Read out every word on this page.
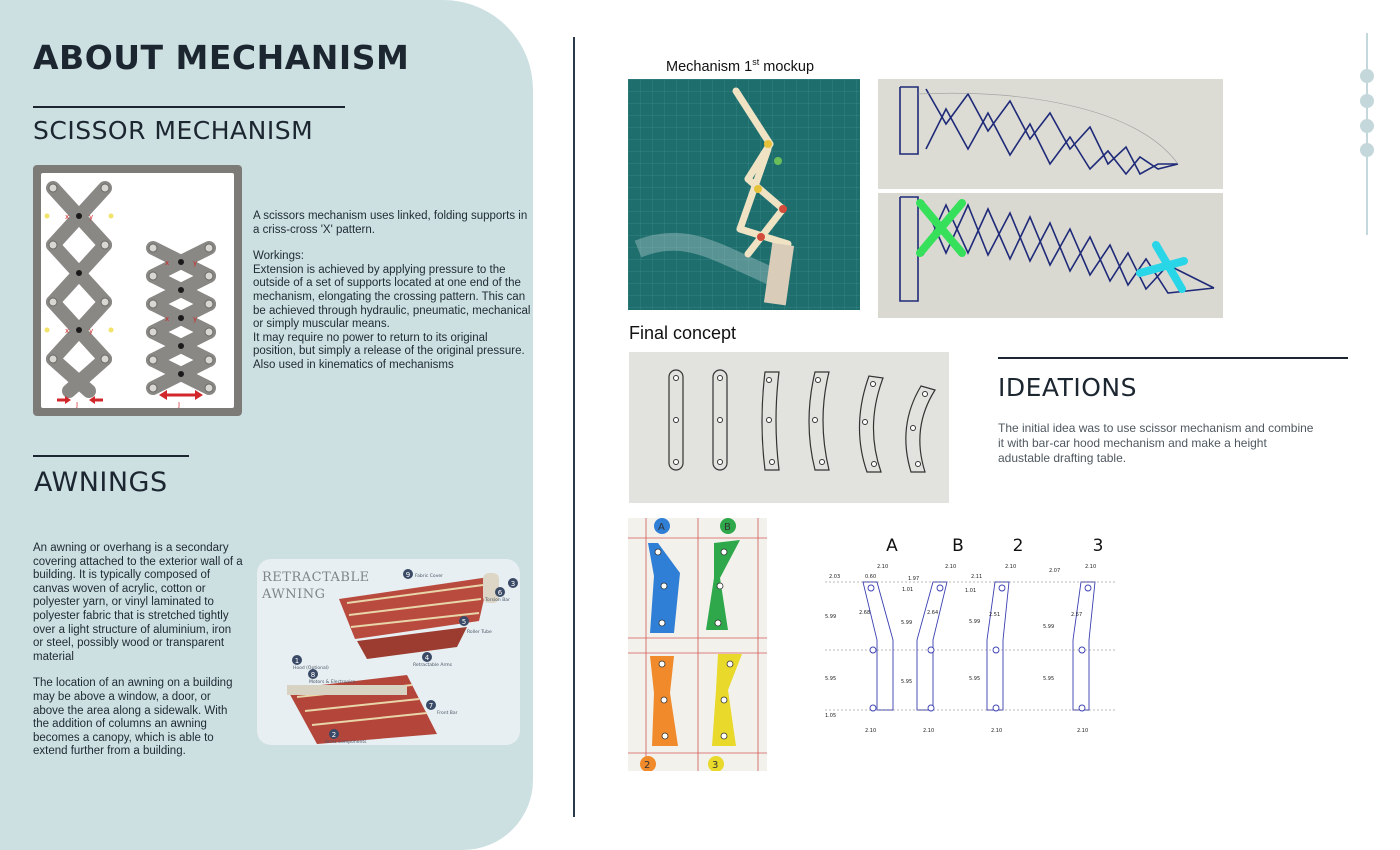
ABOUT MECHANISM
SCISSOR MECHANISM
x	y
x	y
x	y
x	y
J	J
A scissors mechanism uses linked, folding supports in a criss-cross 'X' pattern.
Workings:
Extension is achieved by applying pressure to the outside of a set of supports located at one end of the mechanism, elongating the crossing pattern. This can be achieved through hydraulic, pneumatic, mechanical or simply muscular means.
It may require no power to return to its original position, but simply a release of the original pressure.
Also used in kinematics of mechanisms
AWNINGS
An awning or overhang is a secondary covering attached to the exterior wall of a building. It is typically composed of canvas woven of acrylic, cotton or polyester yarn, or vinyl laminated to polyester fabric that is stretched tightly over a light structure of aluminium, iron or steel, possibly wood or transparent material
The location of an awning on a building may be above a window, a door, or above the area along a sidewalk. With the addition of columns an awning becomes a canopy, which is able to extend further from a building.
RETRACTABLE
AWNING
9
3
1
8
4
6
7
2
5
Fabric Cover
Hood (Optional)
Motors & Electronics
Retractable Arms
Torsion Bar
Front Bar
Arms Components
Roller Tube
Mechanism 1st mockup
Final concept
IDEATIONS
The initial idea was to use scissor mechanism and combine it with bar-car hood mechanism and make a height adustable drafting table.
A	B
2	3
A	B	2	3
2.10	2.10	2.10	2.10
2.10	2.10	2.10	2.10
2.03	0.60
2.68
5.99
5.95
1.05
1.97
1.01
2.64
5.99
5.95
2.11
1.01
2.51
5.99
5.95
2.07
2.57
5.99
5.95
